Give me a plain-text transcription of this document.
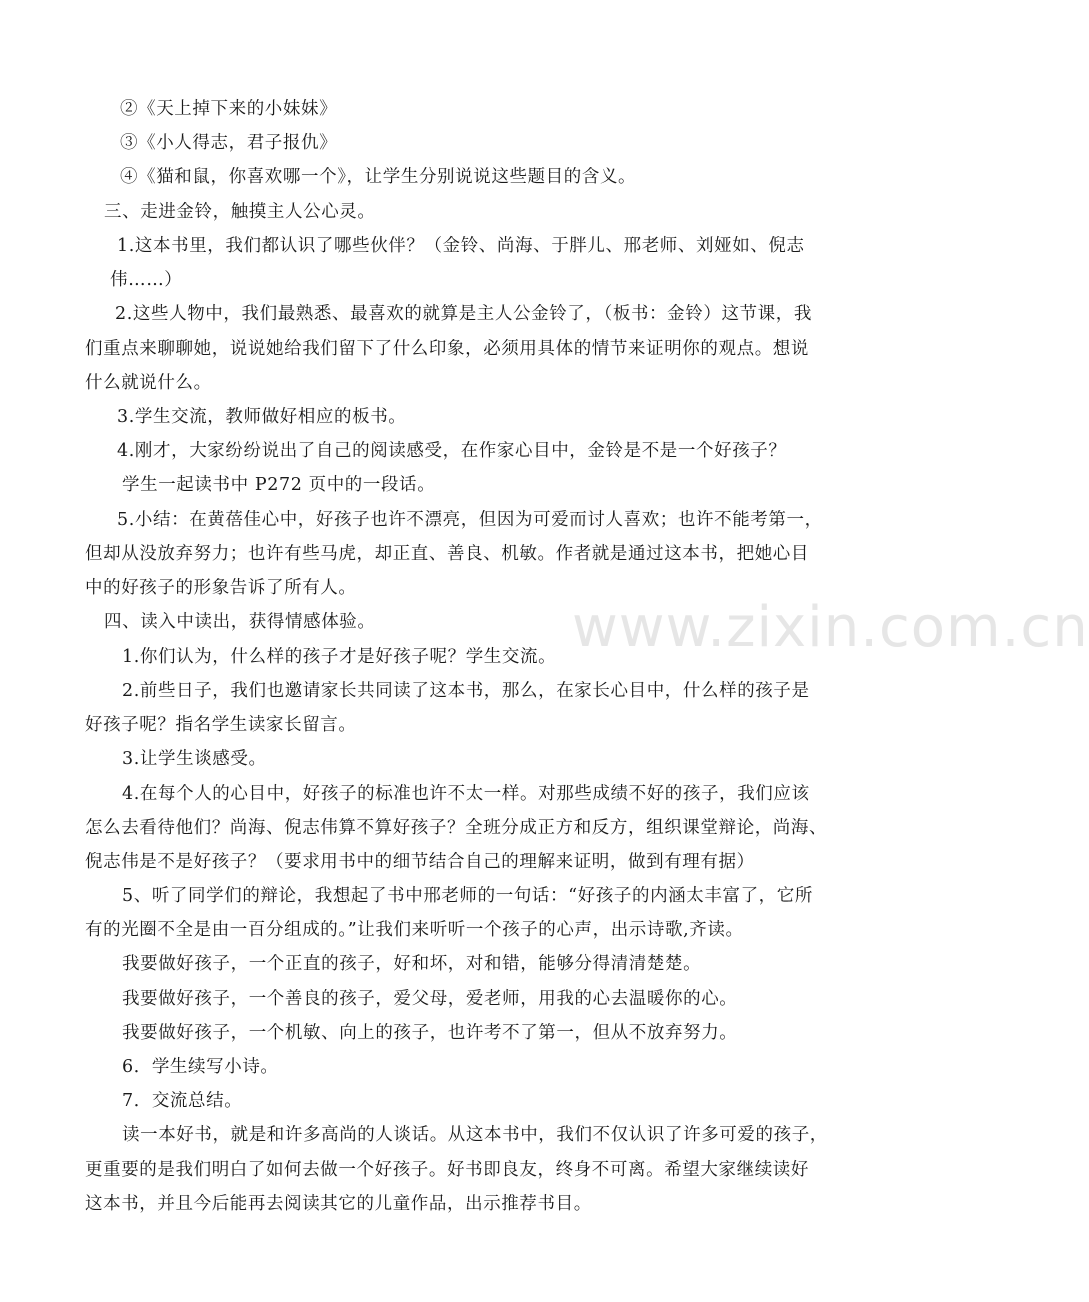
www.zixin.com.cn
②《天上掉下来的小妹妹》
③《小人得志，君子报仇》
④《猫和鼠，你喜欢哪一个》，让学生分别说说这些题目的含义。
三、走进金铃，触摸主人公心灵。
1.这本书里，我们都认识了哪些伙伴？（金铃、尚海、于胖儿、邢老师、刘娅如、倪志
伟……）
2.这些人物中，我们最熟悉、最喜欢的就算是主人公金铃了，（板书：金铃）这节课，我
们重点来聊聊她，说说她给我们留下了什么印象，必须用具体的情节来证明你的观点。想说
什么就说什么。
3.学生交流，教师做好相应的板书。
4.刚才，大家纷纷说出了自己的阅读感受，在作家心目中，金铃是不是一个好孩子？
学生一起读书中 P272 页中的一段话。
5.小结：在黄蓓佳心中，好孩子也许不漂亮，但因为可爱而讨人喜欢；也许不能考第一，
但却从没放弃努力；也许有些马虎，却正直、善良、机敏。作者就是通过这本书，把她心目
中的好孩子的形象告诉了所有人。
四、读入中读出，获得情感体验。
1.你们认为，什么样的孩子才是好孩子呢？学生交流。
2.前些日子，我们也邀请家长共同读了这本书，那么，在家长心目中，什么样的孩子是
好孩子呢？指名学生读家长留言。
3.让学生谈感受。
4.在每个人的心目中，好孩子的标准也许不太一样。对那些成绩不好的孩子，我们应该
怎么去看待他们？尚海、倪志伟算不算好孩子？全班分成正方和反方，组织课堂辩论，尚海、
倪志伟是不是好孩子？（要求用书中的细节结合自己的理解来证明，做到有理有据）
5、听了同学们的辩论，我想起了书中邢老师的一句话：“好孩子的内涵太丰富了，它所
有的光圈不全是由一百分组成的。”让我们来听听一个孩子的心声，出示诗歌,齐读。
我要做好孩子，一个正直的孩子，好和坏，对和错，能够分得清清楚楚。
我要做好孩子，一个善良的孩子，爱父母，爱老师，用我的心去温暖你的心。
我要做好孩子，一个机敏、向上的孩子，也许考不了第一，但从不放弃努力。
6．学生续写小诗。
7．交流总结。
读一本好书，就是和许多高尚的人谈话。从这本书中，我们不仅认识了许多可爱的孩子，
更重要的是我们明白了如何去做一个好孩子。好书即良友，终身不可离。希望大家继续读好
这本书，并且今后能再去阅读其它的儿童作品，出示推荐书目。
